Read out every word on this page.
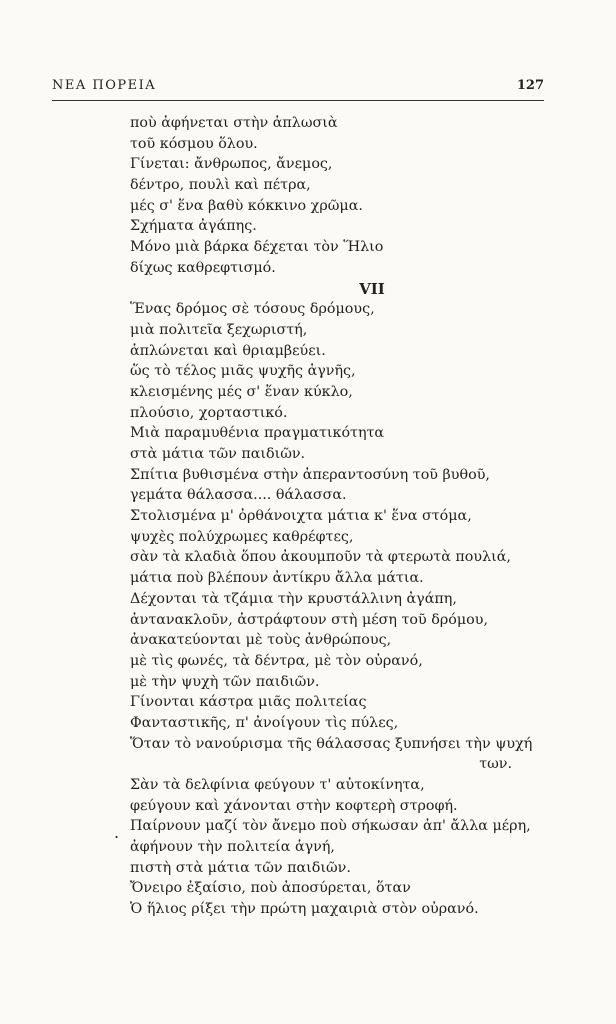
ΝΕΑ ΠΟΡΕΙΑ	127
ποὺ ἀφήνεται στὴν ἁπλωσιὰ
τοῦ κόσμου ὅλου.
Γίνεται: ἄνθρωπος, ἄνεμος,
δέντρο, πουλὶ καὶ πέτρα,
μές σ' ἕνα βαθὺ κόκκινο χρῶμα.
Σχήματα ἀγάπης.
Μόνο μιὰ βάρκα δέχεται τὸν Ἥλιο
δίχως καθρεφτισμό.
VII
Ἕνας δρόμος σὲ τόσους δρόμους,
μιὰ πολιτεῖα ξεχωριστή,
ἁπλώνεται καὶ θριαμβεύει.
ὥς τὸ τέλος μιᾶς ψυχῆς ἁγνῆς,
κλεισμένης μές σ' ἕναν κύκλο,
πλούσιο, χορταστικό.
Μιὰ παραμυθένια πραγματικότητα
στὰ μάτια τῶν παιδιῶν.
Σπίτια βυθισμένα στὴν ἀπεραντοσύνη τοῦ βυθοῦ,
γεμάτα θάλασσα.... θάλασσα.
Στολισμένα μ' ὀρθάνοιχτα μάτια κ' ἕνα στόμα,
ψυχὲς πολύχρωμες καθρέφτες,
σὰν τὰ κλαδιὰ ὅπου ἀκουμποῦν τὰ φτερωτὰ πουλιά,
μάτια ποὺ βλέπουν ἀντίκρυ ἄλλα μάτια.
Δέχονται τὰ τζάμια τὴν κρυστάλλινη ἀγάπη,
ἀντανακλοῦν, ἀστράφτουν στὴ μέση τοῦ δρόμου,
ἀνακατεύονται μὲ τοὺς ἀνθρώπους,
μὲ τὶς φωνές, τὰ δέντρα, μὲ τὸν οὐρανό,
μὲ τὴν ψυχὴ τῶν παιδιῶν.
Γίνονται κάστρα μιᾶς πολιτείας
Φανταστικῆς, π' ἀνοίγουν τὶς πύλες,
Ὅταν τὸ νανούρισμα τῆς θάλασσας ξυπνήσει τὴν ψυχή
των.
Σὰν τὰ δελφίνια φεύγουν τ' αὐτοκίνητα,
φεύγουν καὶ χάνονται στὴν κοφτερὴ στροφή.
Παίρνουν μαζί τὸν ἄνεμο ποὺ σήκωσαν ἀπ' ἄλλα μέρη,
ἀφήνουν τὴν πολιτεία ἁγνή,
πιστὴ στὰ μάτια τῶν παιδιῶν.
Ὄνειρο ἐξαίσιο, ποὺ ἀποσύρεται, ὅταν
Ὁ ἥλιος ρίξει τὴν πρώτη μαχαιριὰ στὸν οὐρανό.
.
